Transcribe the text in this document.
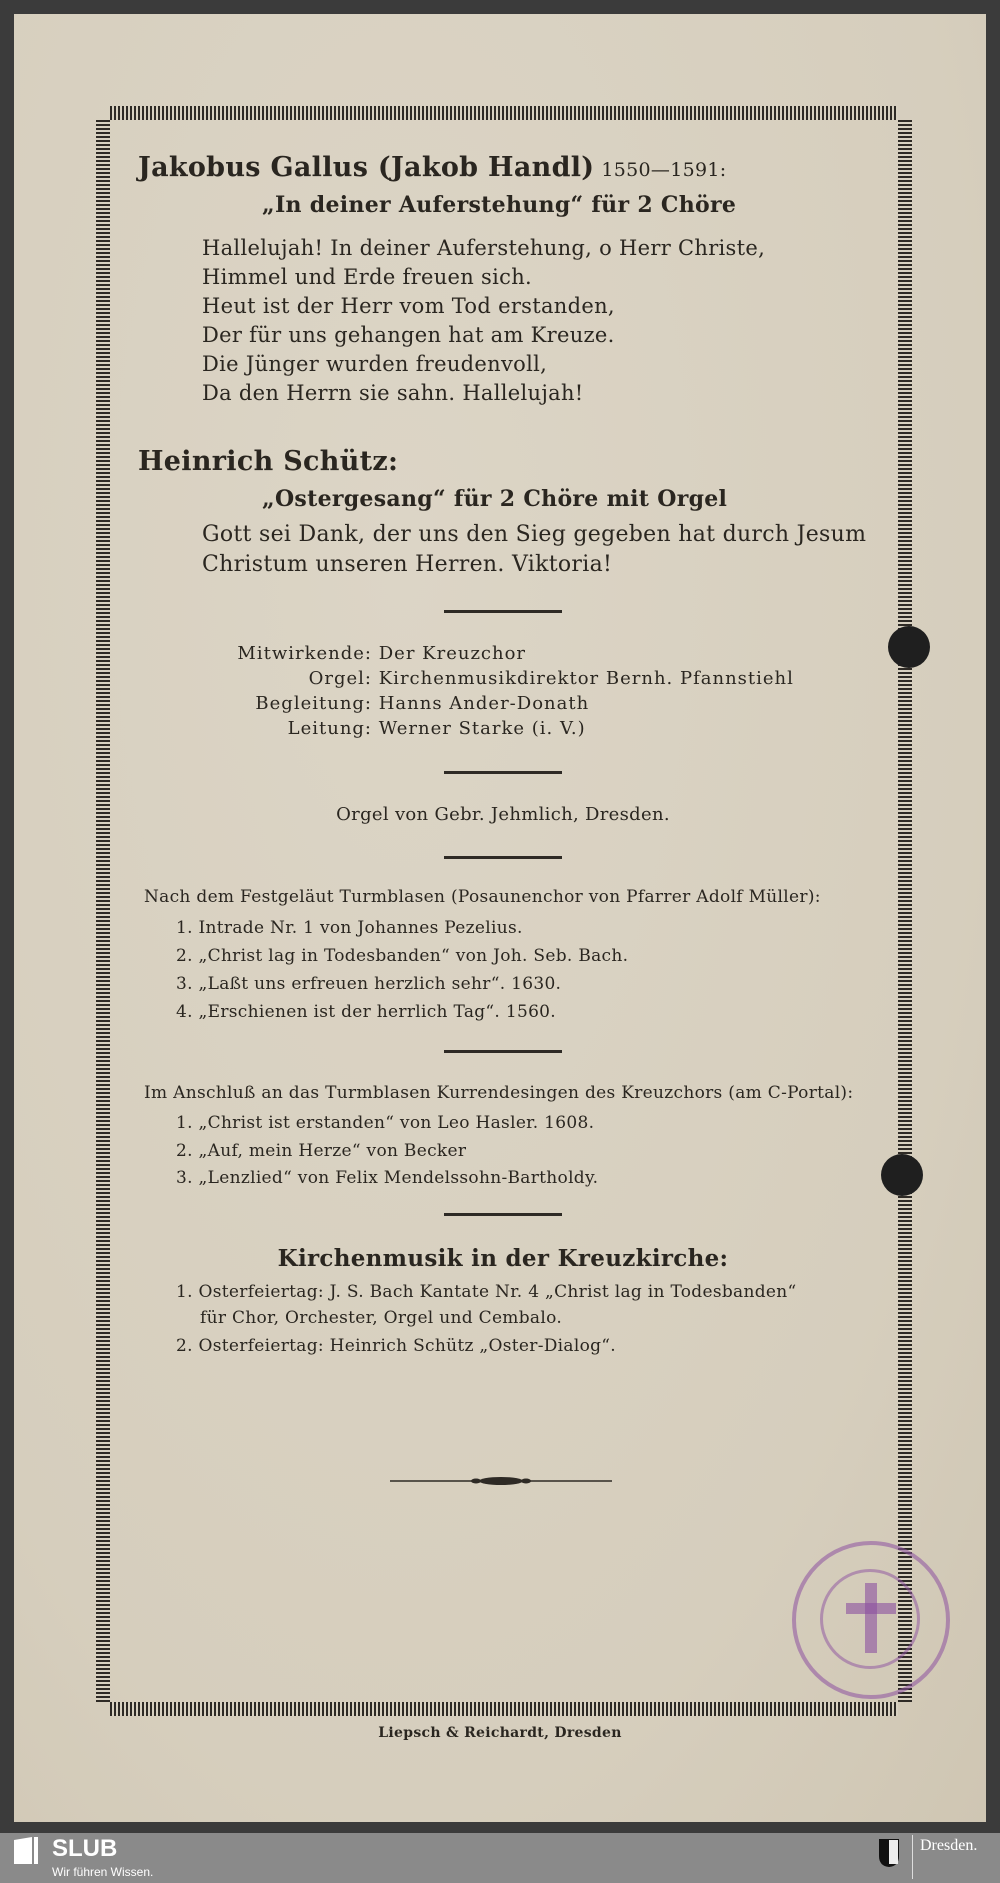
Jakobus Gallus (Jakob Handl) 1550—1591:
„In deiner Auferstehung“ für 2 Chöre
Hallelujah! In deiner Auferstehung, o Herr Christe,
Himmel und Erde freuen sich.
Heut ist der Herr vom Tod erstanden,
Der für uns gehangen hat am Kreuze.
Die Jünger wurden freudenvoll,
Da den Herrn sie sahn. Hallelujah!
Heinrich Schütz:
„Ostergesang“ für 2 Chöre mit Orgel
Gott sei Dank, der uns den Sieg gegeben hat durch Jesum
Christum unseren Herren. Viktoria!
Mitwirkende: Der Kreuzchor
Orgel: Kirchenmusikdirektor Bernh. Pfannstiehl
Begleitung: Hanns Ander-Donath
Leitung: Werner Starke (i. V.)
Orgel von Gebr. Jehmlich, Dresden.
Nach dem Festgeläut Turmblasen (Posaunenchor von Pfarrer Adolf Müller):
1. Intrade Nr. 1 von Johannes Pezelius.
2. „Christ lag in Todesbanden“ von Joh. Seb. Bach.
3. „Laßt uns erfreuen herzlich sehr“. 1630.
4. „Erschienen ist der herrlich Tag“. 1560.
Im Anschluß an das Turmblasen Kurrendesingen des Kreuzchors (am C-Portal):
1. „Christ ist erstanden“ von Leo Hasler. 1608.
2. „Auf, mein Herze“ von Becker
3. „Lenzlied“ von Felix Mendelssohn-Bartholdy.
Kirchenmusik in der Kreuzkirche:
1. Osterfeiertag: J. S. Bach Kantate Nr. 4 „Christ lag in Todesbanden“
für Chor, Orchester, Orgel und Cembalo.
2. Osterfeiertag: Heinrich Schütz „Oster-Dialog“.
Liepsch & Reichardt, Dresden
SLUB
Wir führen Wissen.
Dresden.
